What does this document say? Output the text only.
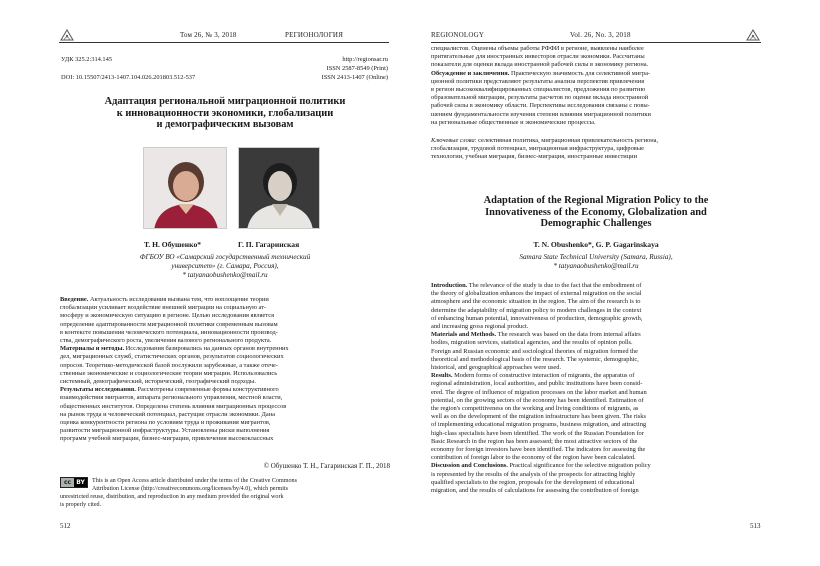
Том 26, № 3, 2018	РЕГИОНОЛОГИЯ
УДК 325.2:314.145
DOI: 10.15507/2413-1407.104.026.201803.512-537
http://regionsar.ru
ISSN 2587-8549 (Print)
ISSN 2413-1407 (Online)
Адаптация региональной миграционной политики
к инновационности экономики, глобализации
и демографическим вызовам
Т. Н. Обушенко*	Г. П. Гагаринская
ФГБОУ ВО «Самарский государственный технический
университет» (г. Самара, Россия),
* tatyanaobushenko@mail.ru
Введение. Актуальность исследования вызвана тем, что воплощение теории
глобализации усиливает воздействие внешней миграции на социальную ат-
мосферу и экономическую ситуацию в регионе. Целью исследования является
определение адаптированности миграционной политики современным вызовам
в контексте повышения человеческого потенциала, инновационности производ-
ства, демографического роста, увеличения валового регионального продукта.
Материалы и методы. Исследования базировались на данных органов внутренних
дел, миграционных служб, статистических органов, результатов социологических
опросов. Теоретико-методической базой послужили зарубежные, а также отече-
ственные экономические и социологические теории миграции. Использовались
системный, демографический, исторический, географический подходы.
Результаты исследования. Рассмотрены современные формы конструктивного
взаимодействия мигрантов, аппарата регионального управления, местной власти,
общественных институтов. Определена степень влияния миграционных процессов
на рынок труда и человеческий потенциал, растущие отрасли экономики. Дана
оценка конкурентности региона по условиям труда и проживания мигрантов,
развитости миграционной инфраструктуры. Установлены риски выполнения
программ учебной миграции, бизнес-миграции, привлечения высококлассных
© Обушенко Т. Н., Гагаринская Г. П., 2018
cc BY	This is an Open Access article distributed under the terms of the Creative Commons
Attribution License (http://creativecommons.org/licenses/by/4.0), which permits
unrestricted reuse, distribution, and reproduction in any medium provided the original work
is properly cited.
512
REGIONOLOGY	Vol. 26, No. 3, 2018
специалистов. Оценены объемы работы РФФИ в регионе, выявлены наиболее
притягательные для иностранных инвесторов отрасли экономики. Рассчитаны
показатели для оценки вклада иностранной рабочей силы в экономику региона.
Обсуждение и заключения. Практическую значимость для селективной мигра-
ционной политики представляют результаты анализа перспектив привлечения
в регион высококвалифицированных специалистов, предложения по развитию
образовательной миграции, результаты расчетов по оценке вклада иностранной
рабочей силы в экономику области. Перспективы исследования связаны с повы-
шением фундаментальности изучения степени влияния миграционной политики
на региональные общественные и экономические процессы.
Ключевые слова: селективная политика, миграционная привлекательность региона,
глобализация, трудовой потенциал, миграционная инфраструктура, цифровые
технологии, учебная миграция, бизнес-миграция, иностранные инвестиции
Adaptation of the Regional Migration Policy to the
Innovativeness of the Economy, Globalization and
Demographic Challenges
T. N. Obushenko*, G. P. Gagarinskaya
Samara State Technical University (Samara, Russia),
* tatyanaobushenko@mail.ru
Introduction. The relevance of the study is due to the fact that the embodiment of
the theory of globalization enhances the impact of external migration on the social
atmosphere and the economic situation in the region. The aim of the research is to
determine the adaptability of migration policy to modern challenges in the context
of enhancing human potential, innovativeness of production, demographic growth,
and increasing gross regional product.
Materials and Methods. The research was based on the data from internal affairs
bodies, migration services, statistical agencies, and the results of opinion polls.
Foreign and Russian economic and sociological theories of migration formed the
theoretical and methodological basis of the research. The systemic, demographic,
historical, and geographical approaches were used.
Results. Modern forms of constructive interaction of migrants, the apparatus of
regional administration, local authorities, and public institutions have been consid-
ered. The degree of influence of migration processes on the labor market and human
potential, on the growing sectors of the economy has been identified. Estimation of
the region's competitiveness on the working and living conditions of migrants, as
well as on the development of the migration infrastructure has been given. The risks
of implementing educational migration programs, business migration, and attracting
high-class specialists have been identified. The work of the Russian Foundation for
Basic Research in the region has been assessed; the most attractive sectors of the
economy for foreign investors have been identified. The indicators for assessing the
contribution of foreign labor to the economy of the region have been calculated.
Discussion and Conclusions. Practical significance for the selective migration policy
is represented by the results of the analysis of the prospects for attracting highly
qualified specialists to the region, proposals for the development of educational
migration, and the results of calculations for assessing the contribution of foreign
513
